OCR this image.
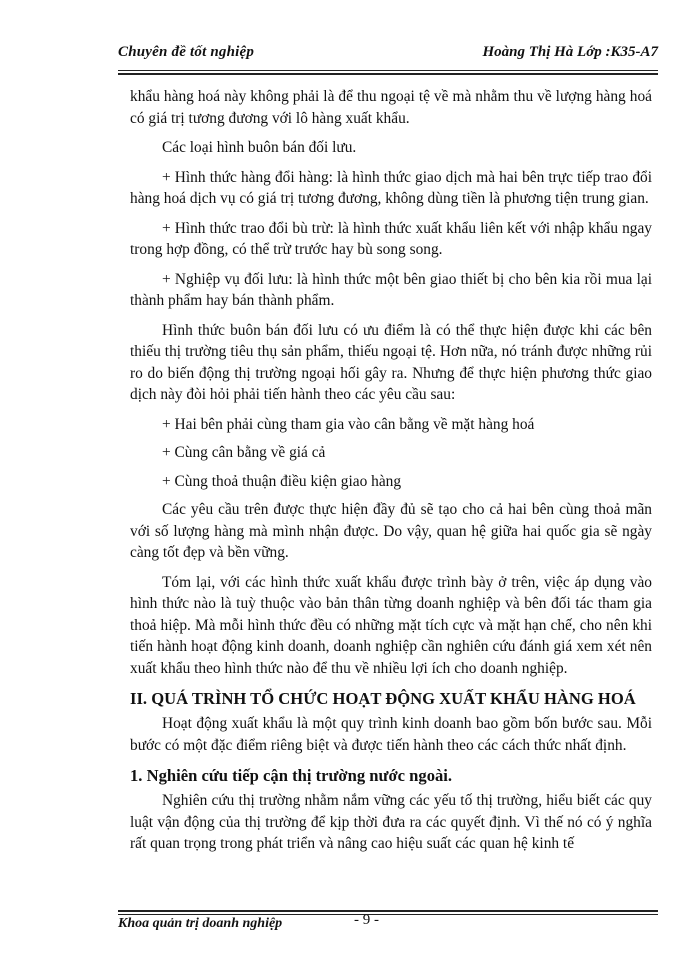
Chuyên đề tốt nghiệp	Hoàng Thị Hà Lớp :K35-A7

khẩu hàng hoá này không phải là để thu ngoại tệ về mà nhằm thu về lượng hàng hoá có giá trị tương đương với lô hàng xuất khẩu.

Các loại hình buôn bán đối lưu.

+ Hình thức hàng đổi hàng: là hình thức giao dịch mà hai bên trực tiếp trao đổi hàng hoá dịch vụ có giá trị tương đương, không dùng tiền là phương tiện trung gian.

+ Hình thức trao đổi bù trừ: là hình thức xuất khẩu liên kết với nhập khẩu ngay trong hợp đồng, có thể trừ trước hay bù song song.

+ Nghiệp vụ đối lưu: là hình thức một bên giao thiết bị cho bên kia rồi mua lại thành phẩm hay bán thành phẩm.

Hình thức buôn bán đối lưu có ưu điểm là có thể thực hiện được khi các bên thiếu thị trường tiêu thụ sản phẩm, thiếu ngoại tệ. Hơn nữa, nó tránh được những rủi ro do biến động thị trường ngoại hối gây ra. Nhưng để thực hiện phương thức giao dịch này đòi hỏi phải tiến hành theo các yêu cầu sau:

+ Hai bên phải cùng tham gia vào cân bằng về mặt hàng hoá

+ Cùng cân bằng về giá cả

+ Cùng thoả thuận điều kiện giao hàng

Các yêu cầu trên được thực hiện đầy đủ sẽ tạo cho cả hai bên cùng thoả mãn với số lượng hàng mà mình nhận được. Do vậy, quan hệ giữa hai quốc gia sẽ ngày càng tốt đẹp và bền vững.

Tóm lại, với các hình thức xuất khẩu được trình bày ở trên, việc áp dụng vào hình thức nào là tuỳ thuộc vào bản thân từng doanh nghiệp và bên đối tác tham gia thoả hiệp. Mà mỗi hình thức đều có những mặt tích cực và mặt hạn chế, cho nên khi tiến hành hoạt động kinh doanh, doanh nghiệp cần nghiên cứu đánh giá xem xét nên xuất khẩu theo hình thức nào để thu về nhiều lợi ích cho doanh nghiệp.

II. QUÁ TRÌNH TỔ CHỨC HOẠT ĐỘNG XUẤT KHẨU HÀNG HOÁ

Hoạt động xuất khẩu là một quy trình kinh doanh bao gồm bốn bước sau. Mỗi bước có một đặc điểm riêng biệt và được tiến hành theo các cách thức nhất định.

1. Nghiên cứu tiếp cận thị trường nước ngoài.

Nghiên cứu thị trường nhằm nắm vững các yếu tố thị trường, hiểu biết các quy luật vận động của thị trường để kịp thời đưa ra các quyết định. Vì thế nó có ý nghĩa rất quan trọng trong phát triển và nâng cao hiệu suất các quan hệ kinh tế

Khoa quản trị doanh nghiệp	- 9 -
